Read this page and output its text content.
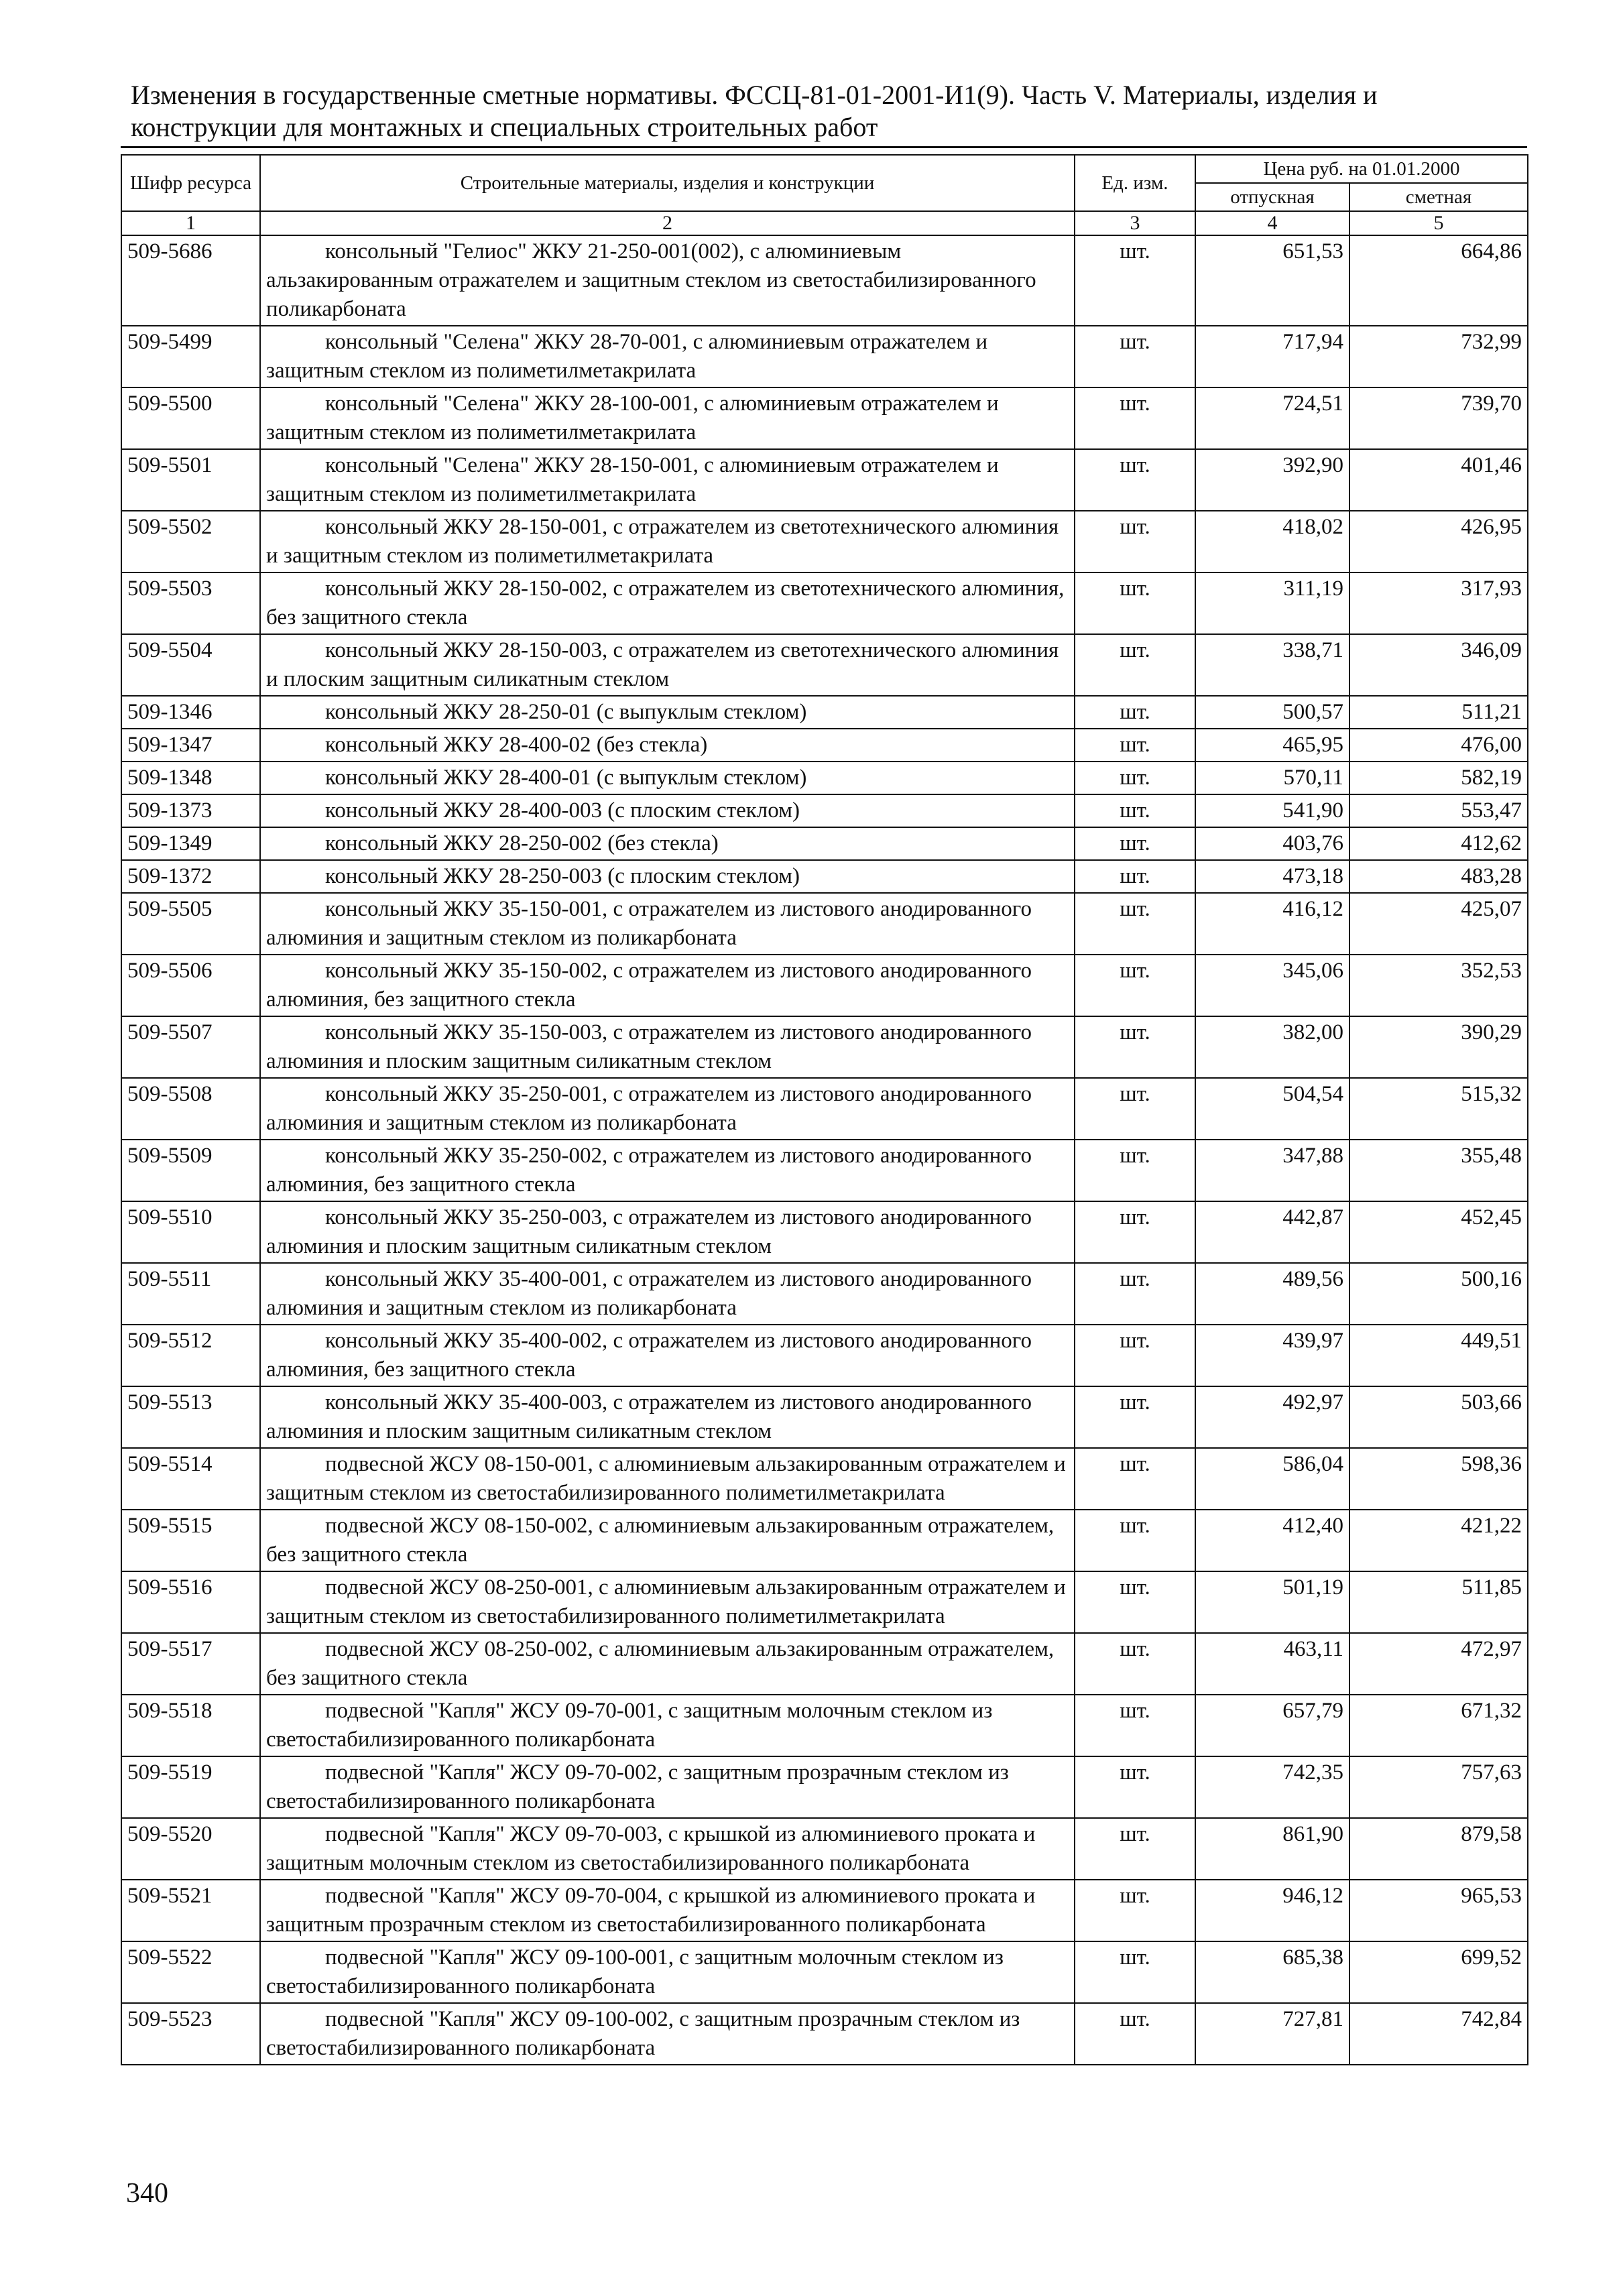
Изменения в государственные сметные нормативы. ФССЦ-81-01-2001-И1(9). Часть V. Материалы, изделия и конструкции для монтажных и специальных строительных работ
Шифр ресурса	Строительные материалы, изделия и конструкции	Ед. изм.	Цена руб. на 01.01.2000	
			отпускная	сметная
1	2	3	4	5
509-5686	консольный "Гелиос" ЖКУ 21-250-001(002), с алюминиевым альзакированным отражателем и защитным стеклом из светостабилизированного поликарбоната	шт.	651,53	664,86
509-5499	консольный "Селена" ЖКУ 28-70-001, с алюминиевым отражателем и защитным стеклом из полиметилметакрилата	шт.	717,94	732,99
509-5500	консольный "Селена" ЖКУ 28-100-001, с алюминиевым отражателем и защитным стеклом из полиметилметакрилата	шт.	724,51	739,70
509-5501	консольный "Селена" ЖКУ 28-150-001, с алюминиевым отражателем и защитным стеклом из полиметилметакрилата	шт.	392,90	401,46
509-5502	консольный ЖКУ 28-150-001, с отражателем из светотехнического алюминия и защитным стеклом из полиметилметакрилата	шт.	418,02	426,95
509-5503	консольный ЖКУ 28-150-002, с отражателем из светотехнического алюминия, без защитного стекла	шт.	311,19	317,93
509-5504	консольный ЖКУ 28-150-003, с отражателем из светотехнического алюминия и плоским защитным силикатным стеклом	шт.	338,71	346,09
509-1346	консольный ЖКУ 28-250-01 (с выпуклым стеклом)	шт.	500,57	511,21
509-1347	консольный ЖКУ 28-400-02 (без стекла)	шт.	465,95	476,00
509-1348	консольный ЖКУ 28-400-01 (с выпуклым стеклом)	шт.	570,11	582,19
509-1373	консольный ЖКУ 28-400-003 (с плоским стеклом)	шт.	541,90	553,47
509-1349	консольный ЖКУ 28-250-002 (без стекла)	шт.	403,76	412,62
509-1372	консольный ЖКУ 28-250-003 (с плоским стеклом)	шт.	473,18	483,28
509-5505	консольный ЖКУ 35-150-001, с отражателем из листового анодированного алюминия и защитным стеклом из поликарбоната	шт.	416,12	425,07
509-5506	консольный ЖКУ 35-150-002, с отражателем из листового анодированного алюминия, без защитного стекла	шт.	345,06	352,53
509-5507	консольный ЖКУ 35-150-003, с отражателем из листового анодированного алюминия и плоским защитным силикатным стеклом	шт.	382,00	390,29
509-5508	консольный ЖКУ 35-250-001, с отражателем из листового анодированного алюминия и защитным стеклом из поликарбоната	шт.	504,54	515,32
509-5509	консольный ЖКУ 35-250-002, с отражателем из листового анодированного алюминия, без защитного стекла	шт.	347,88	355,48
509-5510	консольный ЖКУ 35-250-003, с отражателем из листового анодированного алюминия и плоским защитным силикатным стеклом	шт.	442,87	452,45
509-5511	консольный ЖКУ 35-400-001, с отражателем из листового анодированного алюминия и защитным стеклом из поликарбоната	шт.	489,56	500,16
509-5512	консольный ЖКУ 35-400-002, с отражателем из листового анодированного алюминия, без защитного стекла	шт.	439,97	449,51
509-5513	консольный ЖКУ 35-400-003, с отражателем из листового анодированного алюминия и плоским защитным силикатным стеклом	шт.	492,97	503,66
509-5514	подвесной ЖСУ 08-150-001, с алюминиевым альзакированным отражателем и защитным стеклом из светостабилизированного полиметилметакрилата	шт.	586,04	598,36
509-5515	подвесной ЖСУ 08-150-002, с алюминиевым альзакированным отражателем, без защитного стекла	шт.	412,40	421,22
509-5516	подвесной ЖСУ 08-250-001, с алюминиевым альзакированным отражателем и защитным стеклом из светостабилизированного полиметилметакрилата	шт.	501,19	511,85
509-5517	подвесной ЖСУ 08-250-002, с алюминиевым альзакированным отражателем, без защитного стекла	шт.	463,11	472,97
509-5518	подвесной "Капля" ЖСУ 09-70-001, с защитным молочным стеклом из светостабилизированного поликарбоната	шт.	657,79	671,32
509-5519	подвесной "Капля" ЖСУ 09-70-002, с защитным прозрачным стеклом из светостабилизированного поликарбоната	шт.	742,35	757,63
509-5520	подвесной "Капля" ЖСУ 09-70-003, с крышкой из алюминиевого проката и защитным молочным стеклом из светостабилизированного поликарбоната	шт.	861,90	879,58
509-5521	подвесной "Капля" ЖСУ 09-70-004, с крышкой из алюминиевого проката и защитным прозрачным стеклом из светостабилизированного поликарбоната	шт.	946,12	965,53
509-5522	подвесной "Капля" ЖСУ 09-100-001, с защитным молочным стеклом из светостабилизированного поликарбоната	шт.	685,38	699,52
509-5523	подвесной "Капля" ЖСУ 09-100-002, с защитным прозрачным стеклом из светостабилизированного поликарбоната	шт.	727,81	742,84
340
